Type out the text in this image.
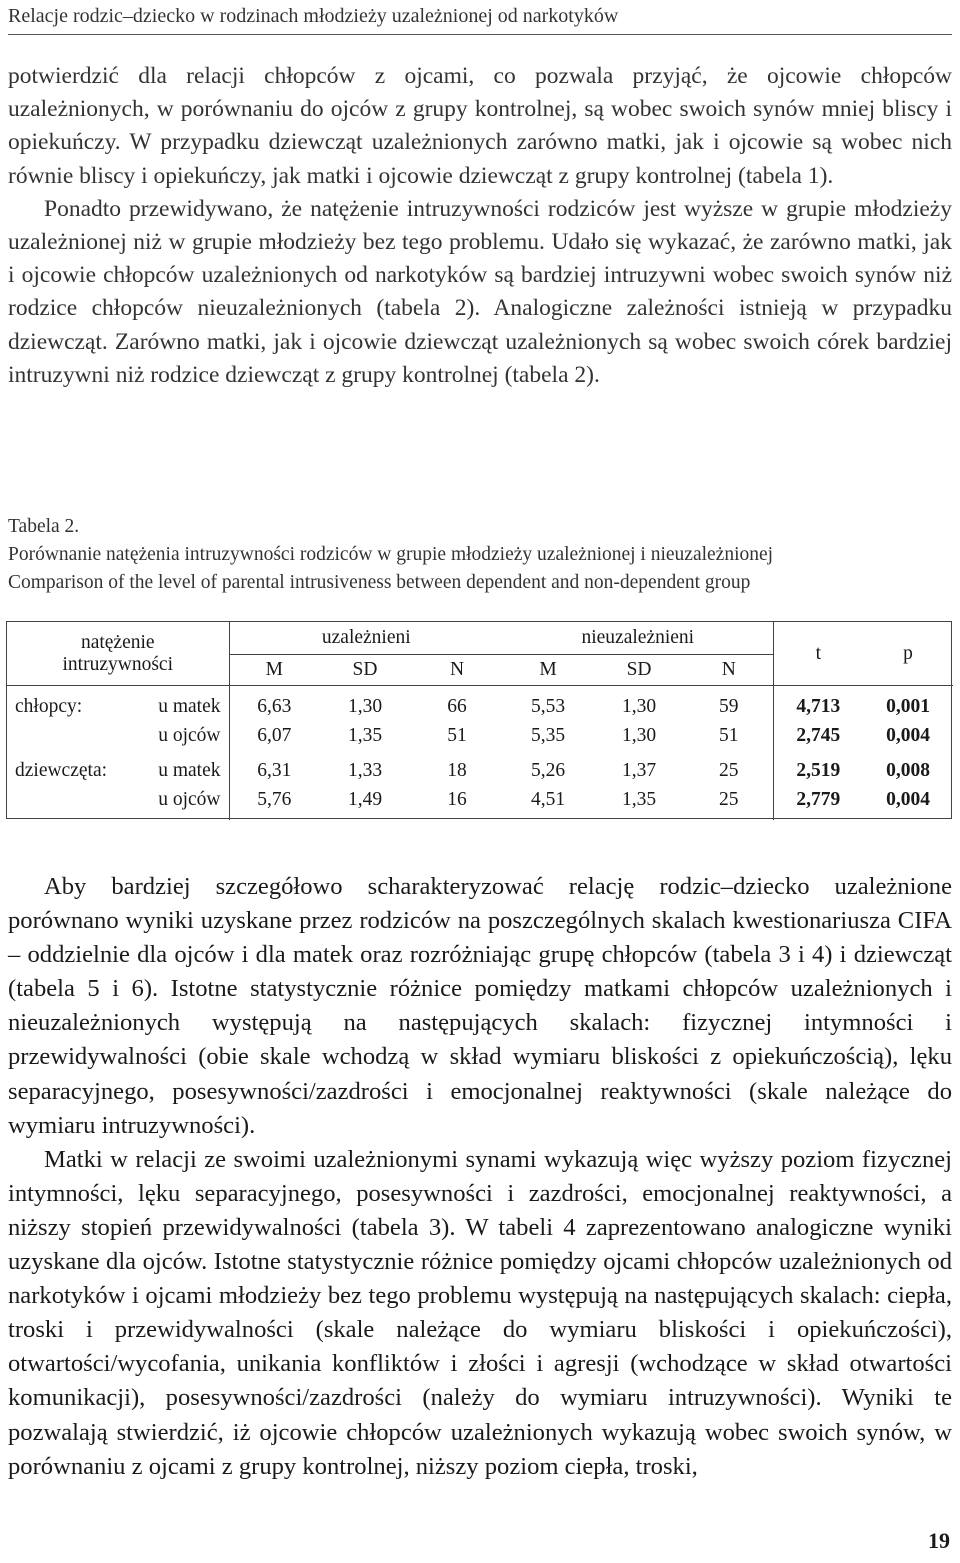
Relacje rodzic–dziecko w rodzinach młodzieży uzależnionej od narkotyków

potwierdzić dla relacji chłopców z ojcami, co pozwala przyjąć, że ojcowie chłopców uzależnionych, w porównaniu do ojców z grupy kontrolnej, są wobec swoich synów mniej bliscy i opiekuńczy. W przypadku dziewcząt uzależnionych zarówno matki, jak i ojcowie są wobec nich równie bliscy i opiekuńczy, jak matki i ojcowie dziewcząt z grupy kontrolnej (tabela 1).

Ponadto przewidywano, że natężenie intruzywności rodziców jest wyższe w grupie młodzieży uzależnionej niż w grupie młodzieży bez tego problemu. Udało się wykazać, że zarówno matki, jak i ojcowie chłopców uzależnionych od narkotyków są bardziej intruzywni wobec swoich synów niż rodzice chłopców nieuzależnionych (tabela 2). Analogiczne zależności istnieją w przypadku dziewcząt. Zarówno matki, jak i ojcowie dziewcząt uzależnionych są wobec swoich córek bardziej intruzywni niż rodzice dziewcząt z grupy kontrolnej (tabela 2).

Tabela 2.
Porównanie natężenia intruzywności rodziców w grupie młodzieży uzależnionej i nieuzależnionej
Comparison of the level of parental intrusiveness between dependent and non-dependent group
natężenie
intruzywności		uzależnieni			nieuzależnieni			t	p
		M	SD	N	M	SD	N		

chłopcy:	u matek	6,63	1,30	66	5,53	1,30	59	4,713	0,001
	u ojców	6,07	1,35	51	5,35	1,30	51	2,745	0,004

dziewczęta:	u matek	6,31	1,33	18	5,26	1,37	25	2,519	0,008
	u ojców	5,76	1,49	16	4,51	1,35	25	2,779	0,004

Aby bardziej szczegółowo scharakteryzować relację rodzic–dziecko uzależnione porównano wyniki uzyskane przez rodziców na poszczególnych skalach kwestionariusza CIFA – oddzielnie dla ojców i dla matek oraz rozróżniając grupę chłopców (tabela 3 i 4) i dziewcząt (tabela 5 i 6). Istotne statystycznie różnice pomiędzy matkami chłopców uzależnionych i nieuzależnionych występują na następujących skalach: fizycznej intymności i przewidywalności (obie skale wchodzą w skład wymiaru bliskości z opiekuńczością), lęku separacyjnego, posesywności/zazdrości i emocjonalnej reaktywności (skale należące do wymiaru intruzywności).

Matki w relacji ze swoimi uzależnionymi synami wykazują więc wyższy poziom fizycznej intymności, lęku separacyjnego, posesywności i zazdrości, emocjonalnej reaktywności, a niższy stopień przewidywalności (tabela 3). W tabeli 4 zaprezentowano analogiczne wyniki uzyskane dla ojców. Istotne statystycznie różnice pomiędzy ojcami chłopców uzależnionych od narkotyków i ojcami młodzieży bez tego problemu występują na następujących skalach: ciepła, troski i przewidywalności (skale należące do wymiaru bliskości i opiekuńczości), otwartości/wycofania, unikania konfliktów i złości i agresji (wchodzące w skład otwartości komunikacji), posesywności/zazdrości (należy do wymiaru intruzywności). Wyniki te pozwalają stwierdzić, iż ojcowie chłopców uzależnionych wykazują wobec swoich synów, w porównaniu z ojcami z grupy kontrolnej, niższy poziom ciepła, troski,

19
